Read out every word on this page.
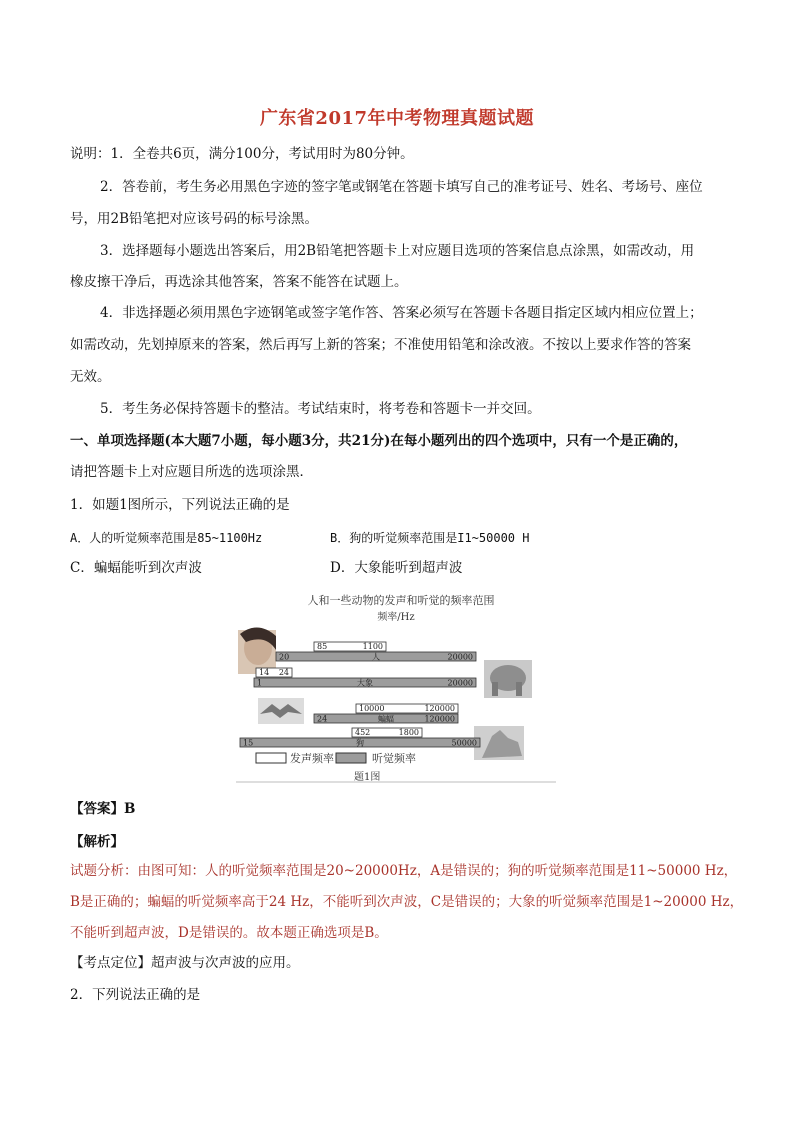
广东省2017年中考物理真题试题
说明：1．全卷共6页，满分100分，考试用时为80分钟。
2．答卷前，考生务必用黑色字迹的签字笔或钢笔在答题卡填写自己的准考证号、姓名、考场号、座位
号，用2B铅笔把对应该号码的标号涂黑。
3．选择题每小题选出答案后，用2B铅笔把答题卡上对应题目选项的答案信息点涂黑，如需改动，用
橡皮擦干净后，再选涂其他答案，答案不能答在试题上。
4．非选择题必须用黑色字迹钢笔或签字笔作答、答案必须写在答题卡各题目指定区域内相应位置上；
如需改动，先划掉原来的答案，然后再写上新的答案；不准使用铅笔和涂改液。不按以上要求作答的答案
无效。
5．考生务必保持答题卡的整洁。考试结束时，将考卷和答题卡一并交回。
一、单项选择题(本大题7小题，每小题3分，共21分)在每小题列出的四个选项中，只有一个是正确的，
请把答题卡上对应题目所选的选项涂黑．
1．如题1图所示，下列说法正确的是
A．人的听觉频率范围是85~1100Hz	B．狗的听觉频率范围是I1~50000 H
C．蝙蝠能听到次声波	D．大象能听到超声波
人和一些动物的发声和听觉的频率范围
频率/Hz
85	1100
20	20000
人
14 24
1	20000
大象
10000	120000
24	120000
蝙蝠
452	1800
15	50000
狗
发声频率	听觉频率
题1图
【答案】B
【解析】
试题分析：由图可知：人的听觉频率范围是20~20000Hz，A是错误的；狗的听觉频率范围是11~50000 Hz，
B是正确的；蝙蝠的听觉频率高于24 Hz，不能听到次声波，C是错误的；大象的听觉频率范围是1~20000 Hz，
不能听到超声波，D是错误的。故本题正确选项是B。
【考点定位】超声波与次声波的应用。
2．下列说法正确的是
